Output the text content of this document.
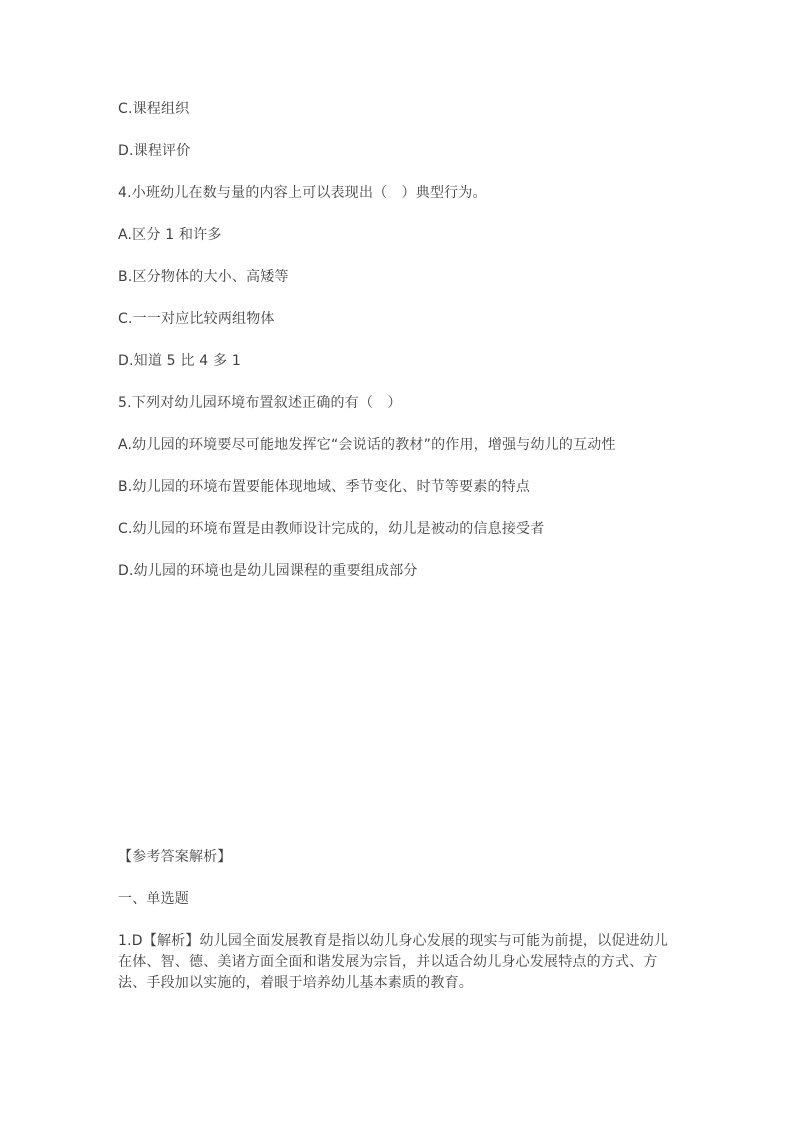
C.课程组织

D.课程评价

4.小班幼儿在数与量的内容上可以表现出（　）典型行为。

A.区分 1 和许多

B.区分物体的大小、高矮等

C.一一对应比较两组物体

D.知道 5 比 4 多 1

5.下列对幼儿园环境布置叙述正确的有（　）

A.幼儿园的环境要尽可能地发挥它“会说话的教材”的作用，增强与幼儿的互动性

B.幼儿园的环境布置要能体现地域、季节变化、时节等要素的特点

C.幼儿园的环境布置是由教师设计完成的，幼儿是被动的信息接受者

D.幼儿园的环境也是幼儿园课程的重要组成部分

【参考答案解析】

一、单选题

1.D【解析】幼儿园全面发展教育是指以幼儿身心发展的现实与可能为前提，以促进幼儿在体、智、德、美诸方面全面和谐发展为宗旨，并以适合幼儿身心发展特点的方式、方法、手段加以实施的，着眼于培养幼儿基本素质的教育。
